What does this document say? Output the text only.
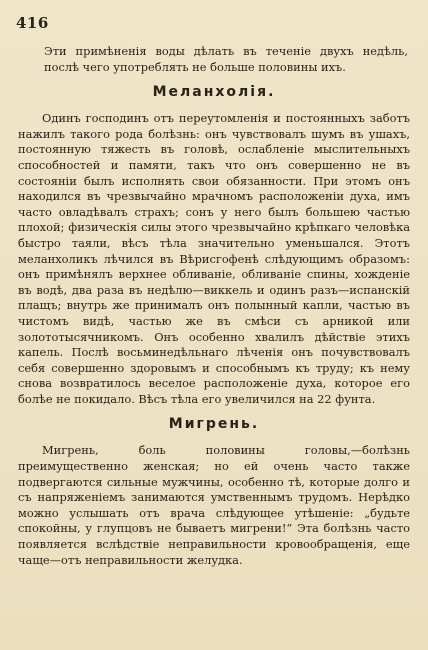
416

Эти примѣненія воды дѣлать въ теченіе двухъ недѣль, послѣ чего употреблять не больше половины ихъ.

Меланхолія.

Одинъ господинъ отъ переутомленія и постоянныхъ заботъ нажилъ такого рода болѣзнь: онъ чувствовалъ шумъ въ ушахъ, постоянную тяжесть въ головѣ, ослабленіе мыслительныхъ способностей и памяти, такъ что онъ совершенно не въ состояніи былъ исполнять свои обязанности. При этомъ онъ находился въ чрезвычайно мрачномъ расположеніи духа, имъ часто овладѣвалъ страхъ; сонъ у него былъ большею частью плохой; физическія силы этого чрезвычайно крѣпкаго человѣка быстро таяли, вѣсъ тѣла значительно уменьшался. Этотъ меланхоликъ лѣчился въ Вѣрисгофенѣ слѣдующимъ образомъ: онъ примѣнялъ верхнее обливаніе, обливаніе спины, хожденіе въ водѣ, два раза въ недѣлю—виккель и одинъ разъ—испанскій плащъ; внутрь же принималъ онъ полынный капли, частью въ чистомъ видѣ, частью же въ смѣси съ арникой или золототысячникомъ. Онъ особенно хвалилъ дѣйствіе этихъ капель. Послѣ восьминедѣльнаго лѣченія онъ почувствовалъ себя совершенно здоровымъ и способнымъ къ труду; къ нему снова возвратилось веселое расположеніе духа, которое его болѣе не покидало. Вѣсъ тѣла его увеличился на 22 фунта.

Мигрень.

Мигрень, боль половины головы,—болѣзнь преимущественно женская; но ей очень часто также подвергаются сильные мужчины, особенно тѣ, которые долго и съ напряженіемъ занимаются умственнымъ трудомъ. Нерѣдко можно услышать отъ врача слѣдующее утѣшеніе: „будьте спокойны, у глупцовъ не бываетъ мигрени!“ Эта болѣзнь часто появляется вслѣдствіе неправильности кровообращенія, еще чаще—отъ неправильности желудка.
